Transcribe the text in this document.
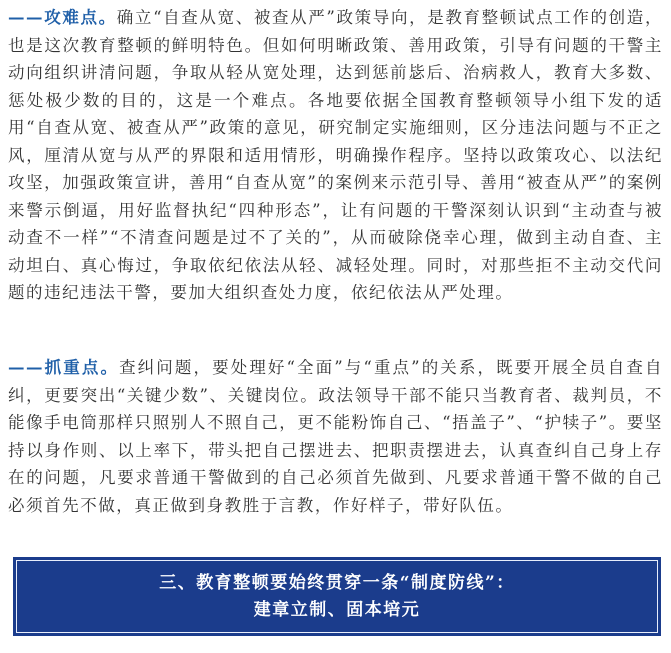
——攻难点。确立“自查从宽、被查从严”政策导向，是教育整顿试点工作的创造，也是这次教育整顿的鲜明特色。但如何明晰政策、善用政策，引导有问题的干警主动向组织讲清问题，争取从轻从宽处理，达到惩前毖后、治病救人，教育大多数、惩处极少数的目的，这是一个难点。各地要依据全国教育整顿领导小组下发的适用“自查从宽、被查从严”政策的意见，研究制定实施细则，区分违法问题与不正之风，厘清从宽与从严的界限和适用情形，明确操作程序。坚持以政策攻心、以法纪攻坚，加强政策宣讲，善用“自查从宽”的案例来示范引导、善用“被查从严”的案例来警示倒逼，用好监督执纪“四种形态”，让有问题的干警深刻认识到“主动查与被动查不一样”“不清查问题是过不了关的”，从而破除侥幸心理，做到主动自查、主动坦白、真心悔过，争取依纪依法从轻、减轻处理。同时，对那些拒不主动交代问题的违纪违法干警，要加大组织查处力度，依纪依法从严处理。

——抓重点。查纠问题，要处理好“全面”与“重点”的关系，既要开展全员自查自纠，更要突出“关键少数”、关键岗位。政法领导干部不能只当教育者、裁判员，不能像手电筒那样只照别人不照自己，更不能粉饰自己、“捂盖子”、“护犊子”。要坚持以身作则、以上率下，带头把自己摆进去、把职责摆进去，认真查纠自己身上存在的问题，凡要求普通干警做到的自己必须首先做到、凡要求普通干警不做的自己必须首先不做，真正做到身教胜于言教，作好样子，带好队伍。

三、教育整顿要始终贯穿一条“制度防线”：
建章立制、固本培元
